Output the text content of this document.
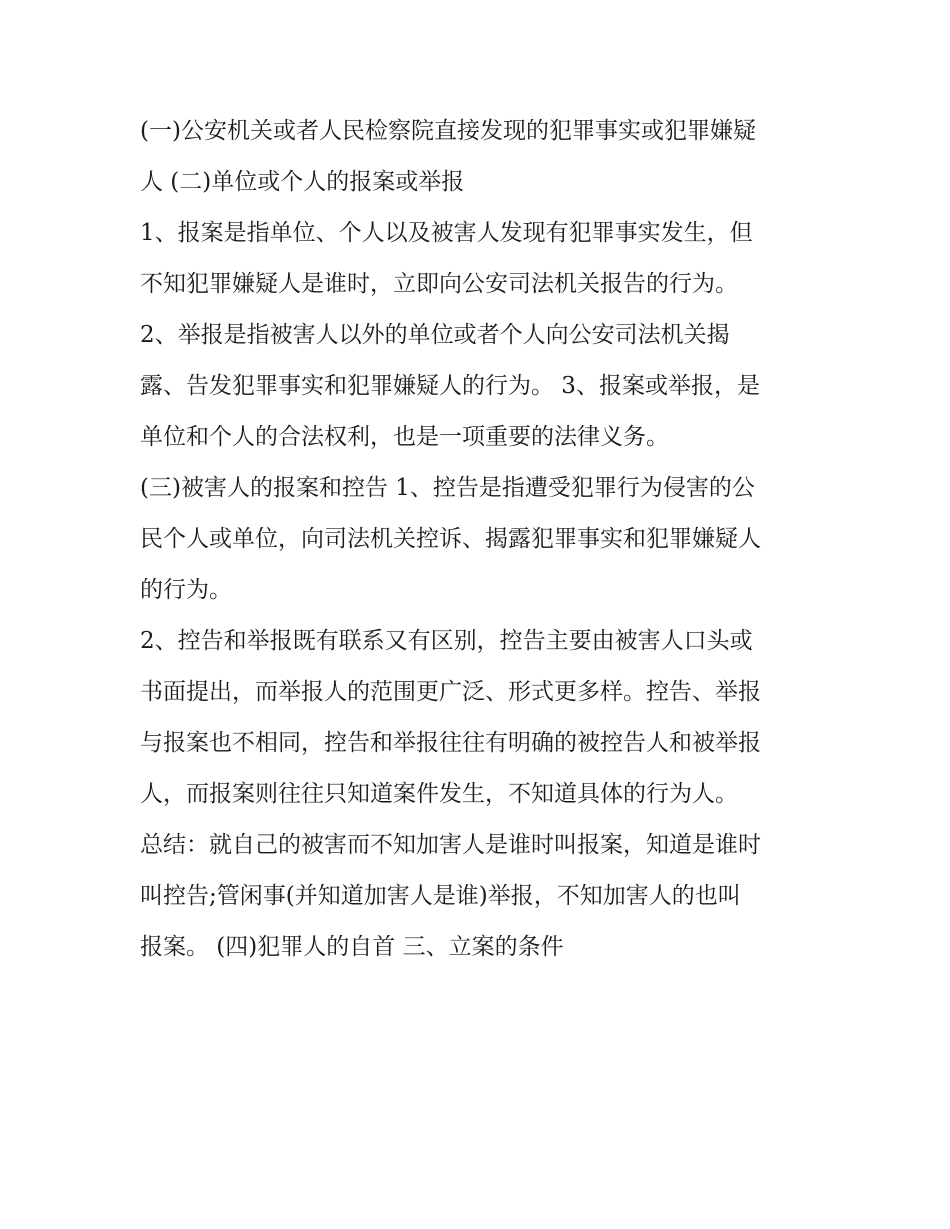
(一)公安机关或者人民检察院直接发现的犯罪事实或犯罪嫌疑
人 (二)单位或个人的报案或举报
1、报案是指单位、个人以及被害人发现有犯罪事实发生，但
不知犯罪嫌疑人是谁时，立即向公安司法机关报告的行为。
2、举报是指被害人以外的单位或者个人向公安司法机关揭
露、告发犯罪事实和犯罪嫌疑人的行为。 3、报案或举报，是
单位和个人的合法权利，也是一项重要的法律义务。
(三)被害人的报案和控告 1、控告是指遭受犯罪行为侵害的公
民个人或单位，向司法机关控诉、揭露犯罪事实和犯罪嫌疑人
的行为。
2、控告和举报既有联系又有区别，控告主要由被害人口头或
书面提出，而举报人的范围更广泛、形式更多样。控告、举报
与报案也不相同，控告和举报往往有明确的被控告人和被举报
人，而报案则往往只知道案件发生，不知道具体的行为人。
总结：就自己的被害而不知加害人是谁时叫报案，知道是谁时
叫控告;管闲事(并知道加害人是谁)举报，不知加害人的也叫
报案。 (四)犯罪人的自首 三、立案的条件
